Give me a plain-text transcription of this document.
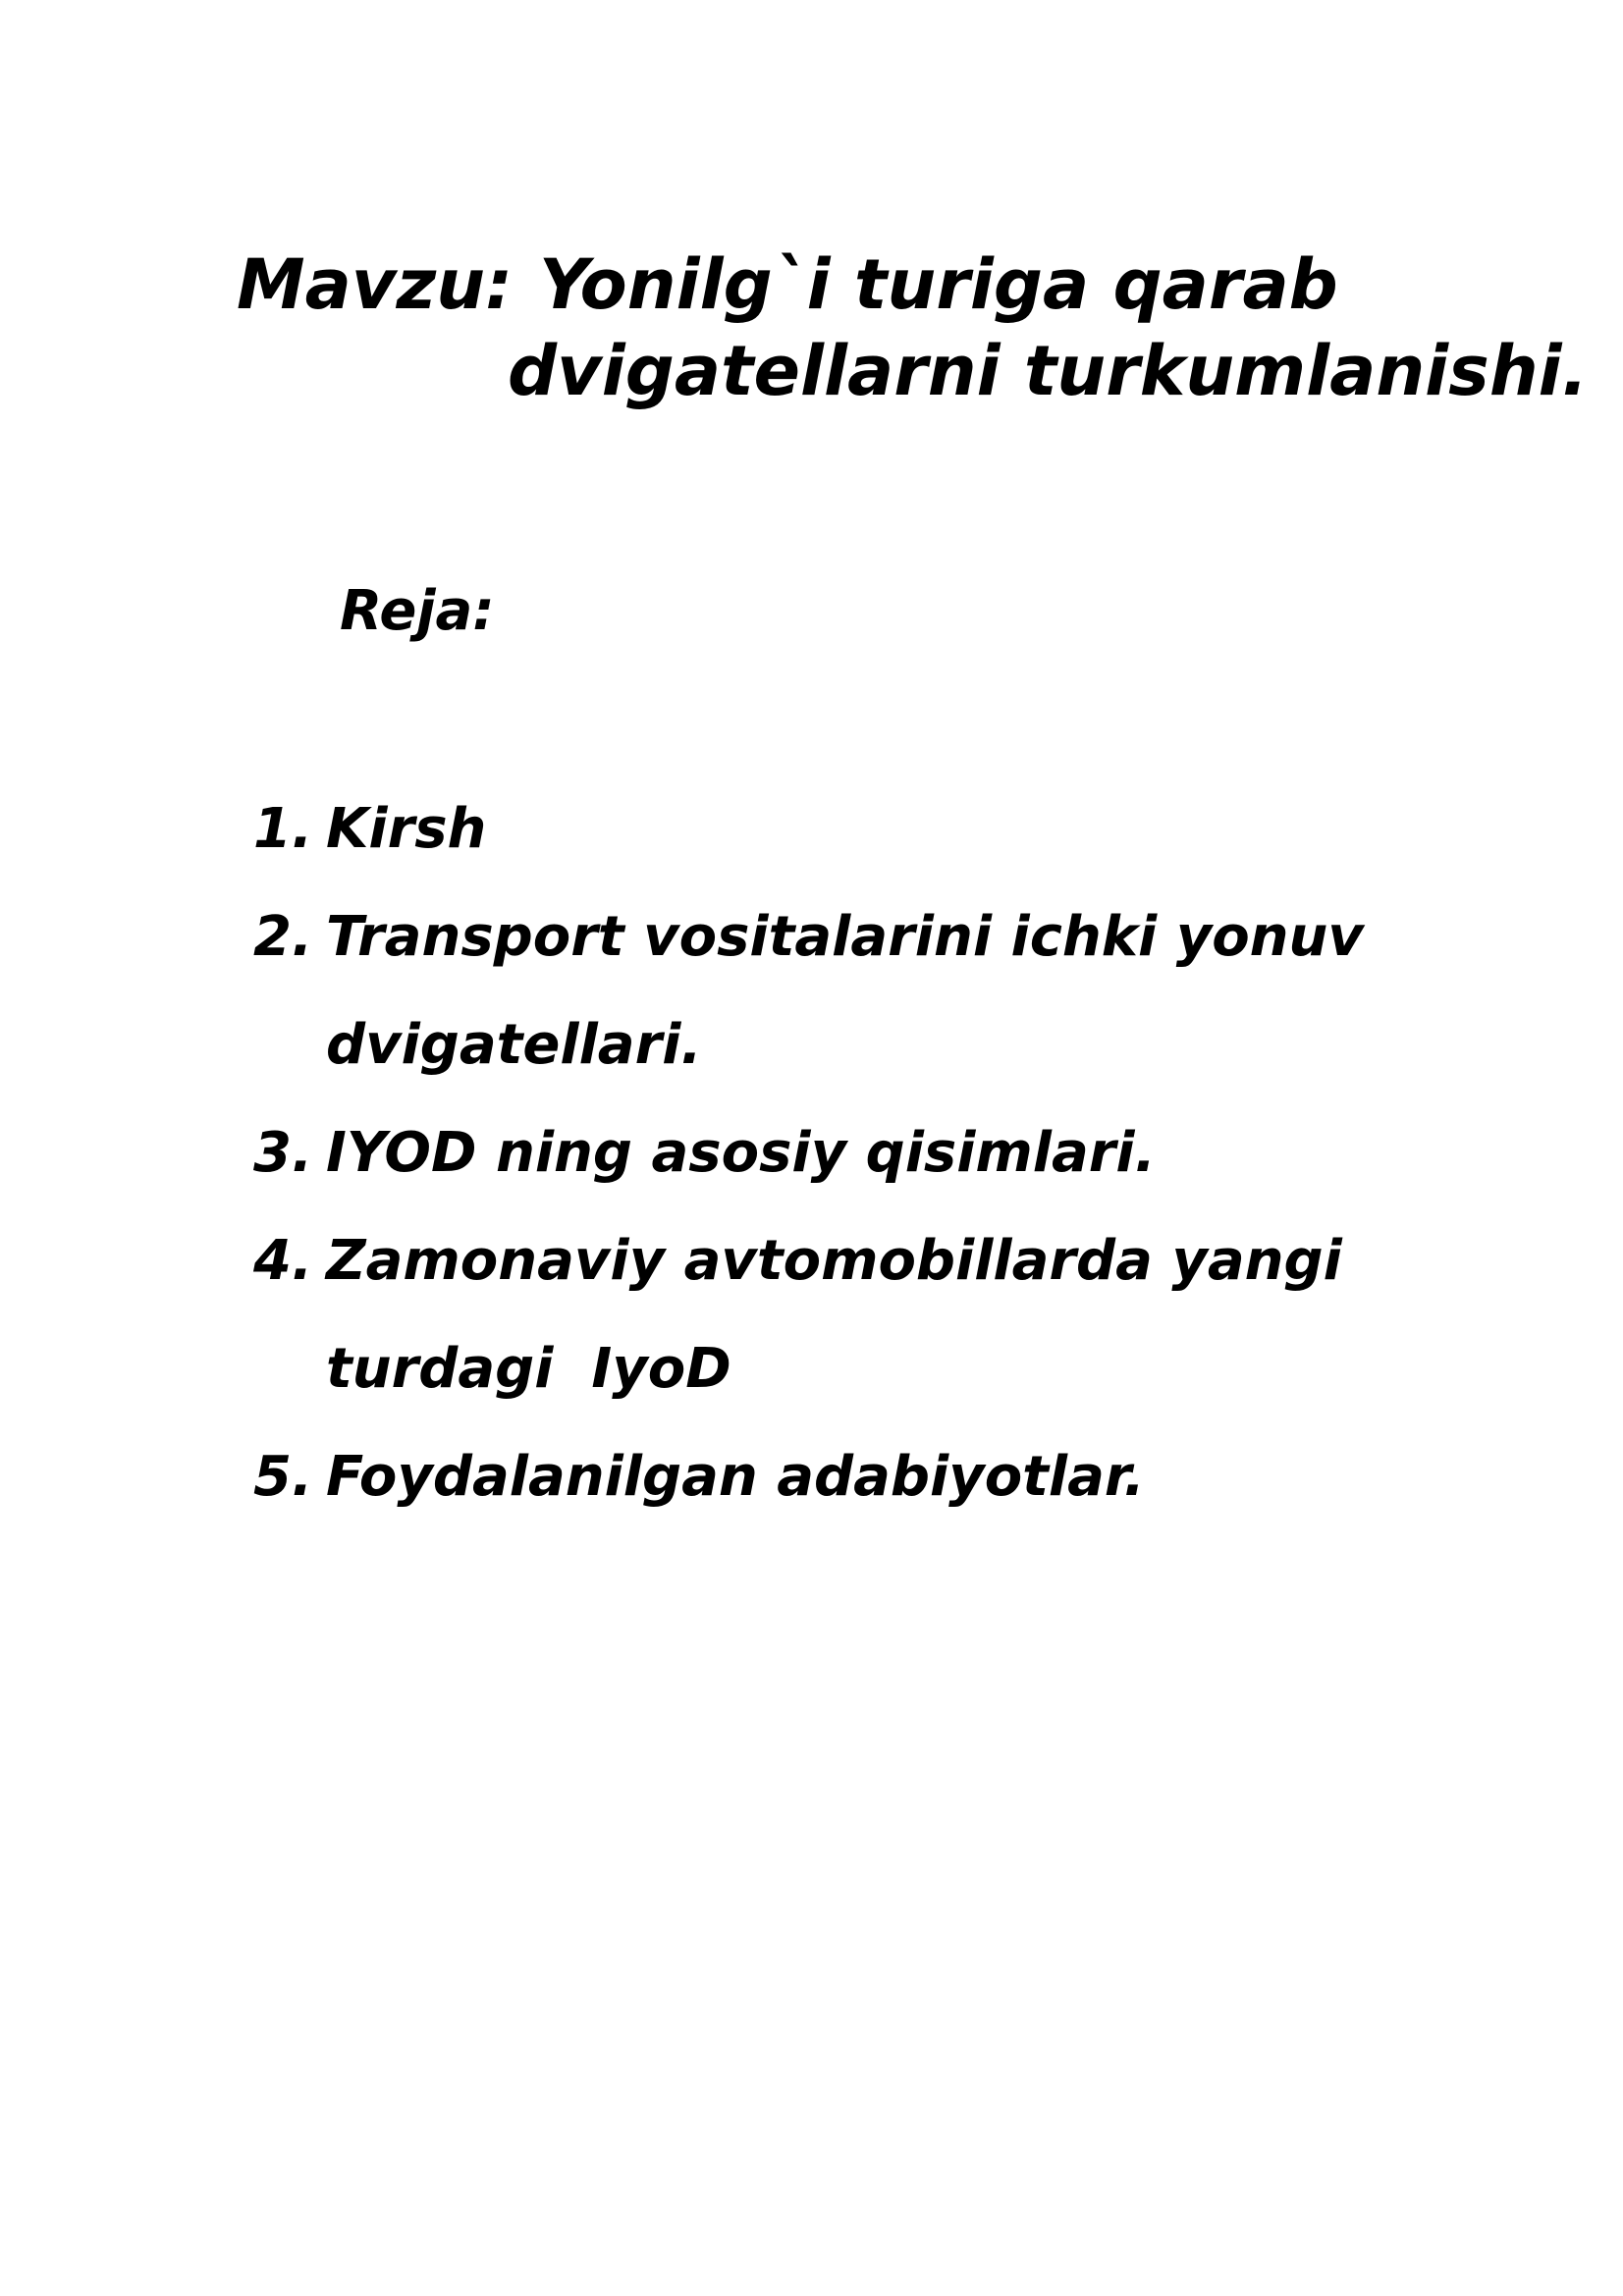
Mavzu: Yonilg`i turiga qarab
dvigatellarni turkumlanishi.
Reja:
1. Kirsh
2. Transport vositalarini ichki yonuv
dvigatellari.
3. IYOD ning asosiy qisimlari.
4. Zamonaviy avtomobillarda yangi
turdagi  IyoD
5. Foydalanilgan adabiyotlar.
